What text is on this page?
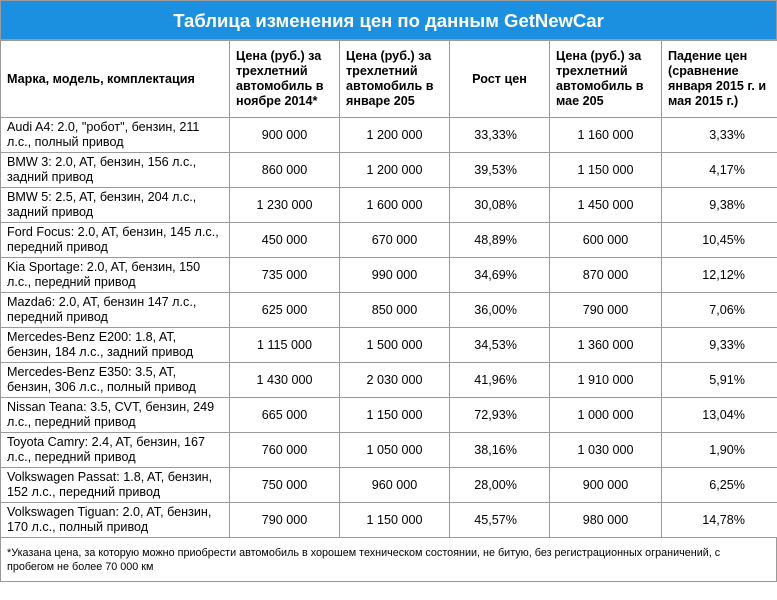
Таблица изменения цен по данным GetNewCar
Марка, модель, комплектация	Цена (руб.) за трехлетний автомобиль в ноябре 2014*	Цена (руб.) за трехлетний автомобиль в январе 205	Рост цен	Цена (руб.) за трехлетний автомобиль в мае 205	Падение цен (сравнение января 2015 г. и мая 2015 г.)
Audi A4: 2.0, "робот", бензин, 211 л.с., полный привод	900 000	1 200 000	33,33%	1 160 000	3,33%
BMW 3: 2.0, AT, бензин, 156 л.с., задний привод	860 000	1 200 000	39,53%	1 150 000	4,17%
BMW 5: 2.5, AT, бензин, 204 л.с., задний привод	1 230 000	1 600 000	30,08%	1 450 000	9,38%
Ford Focus: 2.0, AT, бензин, 145 л.с., передний привод	450 000	670 000	48,89%	600 000	10,45%
Kia Sportage: 2.0, AT, бензин, 150 л.с., передний привод	735 000	990 000	34,69%	870 000	12,12%
Mazda6: 2.0, AT, бензин 147 л.с., передний привод	625 000	850 000	36,00%	790 000	7,06%
Mercedes-Benz E200: 1.8, AT, бензин, 184 л.с., задний привод	1 115 000	1 500 000	34,53%	1 360 000	9,33%
Mercedes-Benz E350: 3.5, AT, бензин, 306 л.с., полный привод	1 430 000	2 030 000	41,96%	1 910 000	5,91%
Nissan Teana: 3.5, CVT, бензин, 249 л.с., передний привод	665 000	1 150 000	72,93%	1 000 000	13,04%
Toyota Camry: 2.4, AT, бензин, 167 л.с., передний привод	760 000	1 050 000	38,16%	1 030 000	1,90%
Volkswagen Passat: 1.8, AT, бензин, 152 л.с., передний привод	750 000	960 000	28,00%	900 000	6,25%
Volkswagen Tiguan: 2.0, AT, бензин, 170 л.с., полный привод	790 000	1 150 000	45,57%	980 000	14,78%
*Указана цена, за которую можно приобрести автомобиль в хорошем техническом состоянии, не битую, без регистрационных ограничений, с пробегом не более 70 000 км
